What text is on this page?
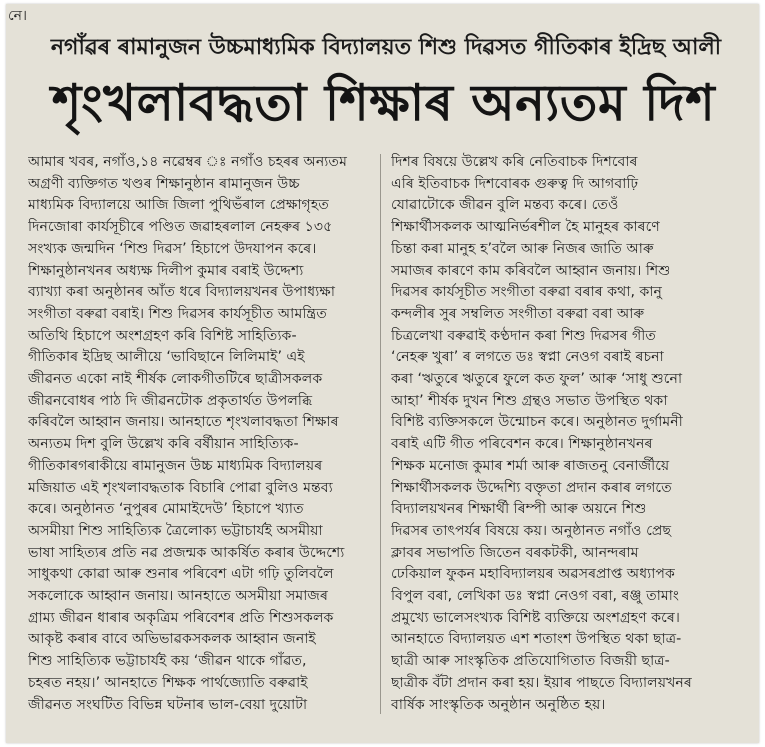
নে।
নগাঁৱৰ ৰামানুজন উচ্চমাধ্যমিক বিদ্যালয়ত শিশু দিৱসত গীতিকাৰ ইদ্ৰিছ আলী
শৃংখলাবদ্ধতা শিক্ষাৰ অন্যতম দিশ
আমাৰ খবৰ, নগাঁও,১৪ নৱেম্বৰ ঃ নগাঁও চহৰৰ অন্যতম
অগ্ৰণী ব্যক্তিগত খণ্ডৰ শিক্ষানুষ্ঠান ৰামানুজন উচ্চ
মাধ্যমিক বিদ্যালয়ে আজি জিলা পুথিভঁৰাল প্ৰেক্ষাগৃহত
দিনজোৰা কাৰ্যসূচীৰে পণ্ডিত জৱাহৰলাল নেহৰুৰ ১৩৫
সংখ্যক জন্মদিন ‘শিশু দিৱস’ হিচাপে উদযাপন কৰে।
শিক্ষানুষ্ঠানখনৰ অধ্যক্ষ দিলীপ কুমাৰ বৰাই উদ্দেশ্য
ব্যাখ্যা কৰা অনুষ্ঠানৰ আঁত ধৰে বিদ্যালয়খনৰ উপাধ্যক্ষা
সংগীতা বৰুৱা বৰাই। শিশু দিৱসৰ কাৰ্যসূচীত আমন্ত্ৰিত
অতিথি হিচাপে অংশগ্ৰহণ কৰি বিশিষ্ট সাহিত্যিক-
গীতিকাৰ ইদ্ৰিছ আলীয়ে ‘ভাবিছানে লিলিমাই’ এই
জীৱনত একো নাই শীৰ্ষক লোকগীতটিৰে ছাত্ৰীসকলক
জীৱনবোধৰ পাঠ দি জীৱনটোক প্ৰকৃতাৰ্থত উপলব্ধি
কৰিবলৈ আহ্বান জনায়। আনহাতে শৃংখলাবদ্ধতা শিক্ষাৰ
অন্যতম দিশ বুলি উল্লেখ কৰি বৰ্ষীয়ান সাহিত্যিক-
গীতিকাৰগৰাকীয়ে ৰামানুজন উচ্চ মাধ্যমিক বিদ্যালয়ৰ
মজিয়াত এই শৃংখলাবদ্ধতাক বিচাৰি পোৱা বুলিও মন্তব্য
কৰে। অনুষ্ঠানত ‘নুপুৰৰ মোমাইদেউ’ হিচাপে খ্যাত
অসমীয়া শিশু সাহিত্যিক ত্ৰৈলোক্য ভট্টাচাৰ্যই অসমীয়া
ভাষা সাহিত্যৰ প্ৰতি নৱ প্ৰজন্মক আকৰ্ষিত কৰাৰ উদ্দেশ্যে
সাধুকথা কোৱা আৰু শুনাৰ পৰিবেশ এটা গঢ়ি তুলিবলৈ
সকলোকে আহ্বান জনায়। আনহাতে অসমীয়া সমাজৰ
গ্ৰাম্য জীৱন ধাৰাৰ অকৃত্ৰিম পৰিবেশৰ প্ৰতি শিশুসকলক
আকৃষ্ট কৰাৰ বাবে অভিভাৱকসকলক আহ্বান জনাই
শিশু সাহিত্যিক ভট্টাচাৰ্যই কয় ‘জীৱন থাকে গাঁৱত,
চহৰত নহয়।’ আনহাতে শিক্ষক পাৰ্থজ্যোতি বৰুৱাই
জীৱনত সংঘটিত বিভিন্ন ঘটনাৰ ভাল-বেয়া দুয়োটা
দিশৰ বিষয়ে উল্লেখ কৰি নেতিবাচক দিশবোৰ
এৰি ইতিবাচক দিশবোৰক গুৰুত্ব দি আগবাঢ়ি
যোৱাটোকে জীৱন বুলি মন্তব্য কৰে। তেওঁ
শিক্ষাৰ্থীসকলক আত্মনিৰ্ভৰশীল হৈ মানুহৰ কাৰণে
চিন্তা কৰা মানুহ হ’বলৈ আৰু নিজৰ জাতি আৰু
সমাজৰ কাৰণে কাম কৰিবলৈ আহ্বান জনায়। শিশু
দিৱসৰ কাৰ্যসূচীত সংগীতা বৰুৱা বৰাৰ কথা, কানু
কন্দলীৰ সুৰ সম্বলিত সংগীতা বৰুৱা বৰা আৰু
চিত্ৰলেখা বৰুৱাই কণ্ঠদান কৰা শিশু দিৱসৰ গীত
‘নেহৰু খুৰা’ ৰ লগতে ডঃ স্বপ্না নেওগ বৰাই ৰচনা
কৰা ‘ঋতুৰে ঋতুৰে ফুলে কত ফুল’ আৰু ‘সাধু শুনো
আহা’ শীৰ্ষক দুখন শিশু গ্ৰন্থও সভাত উপস্থিত থকা
বিশিষ্ট ব্যক্তিসকলে উন্মোচন কৰে। অনুষ্ঠানত দুৰ্গামনী
বৰাই এটি গীত পৰিবেশন কৰে। শিক্ষানুষ্ঠানখনৰ
শিক্ষক মনোজ কুমাৰ শৰ্মা আৰু ৰাজতনু বেনাৰ্জীয়ে
শিক্ষাৰ্থীসকলক উদ্দেশ্যি বক্তৃতা প্ৰদান কৰাৰ লগতে
বিদ্যালয়খনৰ শিক্ষাৰ্থী ৰিম্পী আৰু অয়নে শিশু
দিৱসৰ তাৎপৰ্যৰ বিষয়ে কয়। অনুষ্ঠানত নগাঁও প্ৰেছ
ক্লাবৰ সভাপতি জিতেন বৰকটকী, আনন্দৰাম
ঢেকিয়াল ফুকন মহাবিদ্যালয়ৰ অৱসৰপ্ৰাপ্ত অধ্যাপক
বিপুল বৰা, লেখিকা ডঃ স্বপ্না নেওগ বৰা, ৰঞ্জু তামাং
প্ৰমুখ্যে ভালেসংখ্যক বিশিষ্ট ব্যক্তিয়ে অংশগ্ৰহণ কৰে।
আনহাতে বিদ্যালয়ত এশ শতাংশ উপস্থিত থকা ছাত্ৰ-
ছাত্ৰী আৰু সাংস্কৃতিক প্ৰতিযোগিতাত বিজয়ী ছাত্ৰ-
ছাত্ৰীক বঁটা প্ৰদান কৰা হয়। ইয়াৰ পাছতে বিদ্যালয়খনৰ
বাৰ্ষিক সাংস্কৃতিক অনুষ্ঠান অনুষ্ঠিত হয়।
